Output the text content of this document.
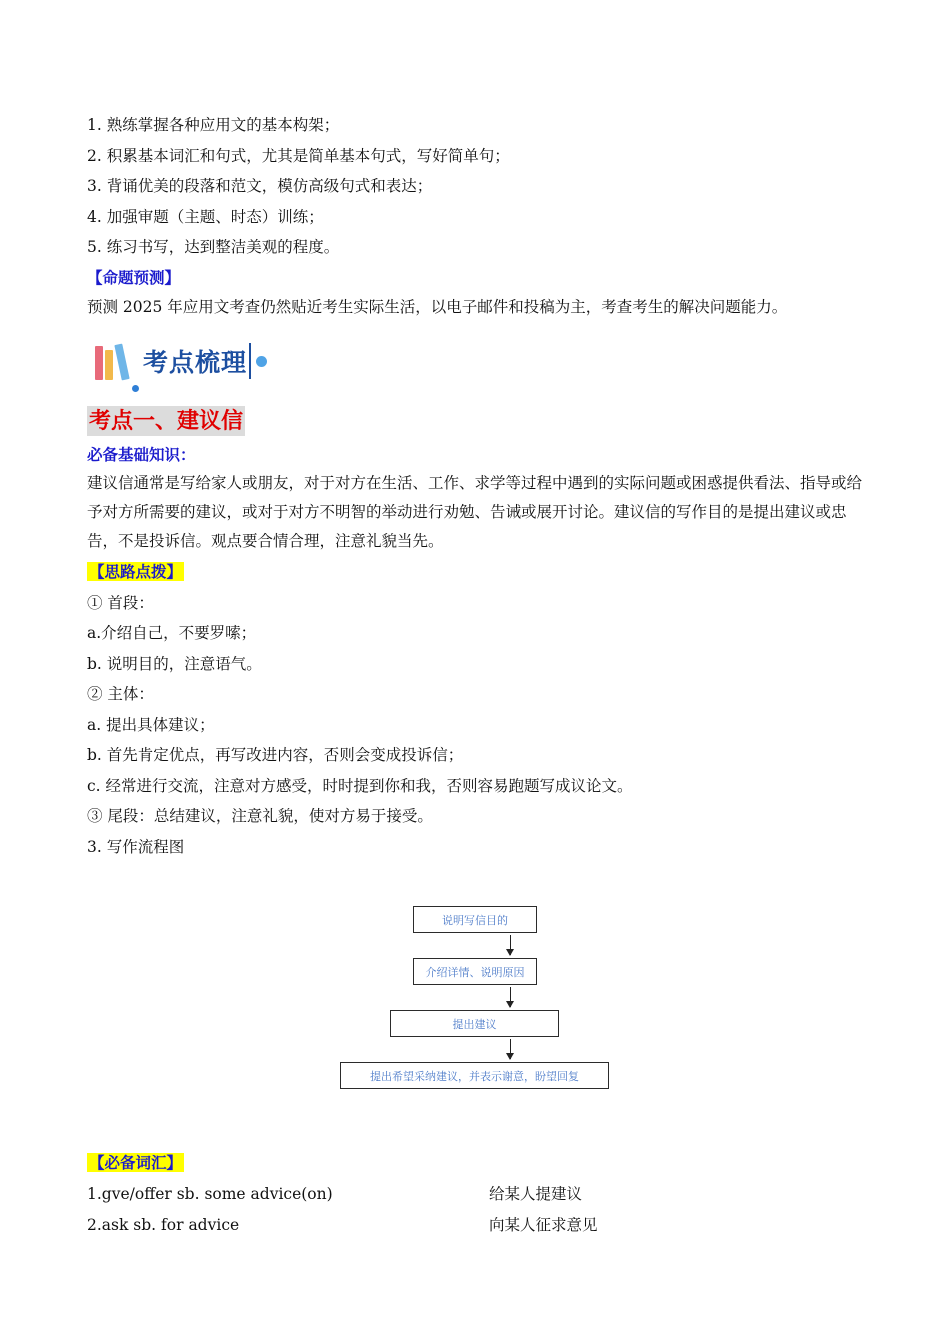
1. 熟练掌握各种应用文的基本构架；
2. 积累基本词汇和句式，尤其是简单基本句式，写好简单句；
3. 背诵优美的段落和范文，模仿高级句式和表达；
4. 加强审题（主题、时态）训练；
5. 练习书写，达到整洁美观的程度。
【命题预测】
预测 2025 年应用文考查仍然贴近考生实际生活，以电子邮件和投稿为主，考查考生的解决问题能力。
考点梳理
考点一、建议信
必备基础知识：
建议信通常是写给家人或朋友，对于对方在生活、工作、求学等过程中遇到的实际问题或困惑提供看法、指导或给予对方所需要的建议，或对于对方不明智的举动进行劝勉、告诫或展开讨论。建议信的写作目的是提出建议或忠告，不是投诉信。观点要合情合理，注意礼貌当先。
【思路点拨】
① 首段：
a.介绍自己，不要罗嗦；
b. 说明目的，注意语气。
② 主体：
a. 提出具体建议；
b. 首先肯定优点，再写改进内容，否则会变成投诉信；
c. 经常进行交流，注意对方感受，时时提到你和我，否则容易跑题写成议论文。
③ 尾段：总结建议，注意礼貌，使对方易于接受。
3. 写作流程图
说明写信目的
介绍详情、说明原因
提出建议
提出希望采纳建议，并表示谢意，盼望回复
【必备词汇】
1.gve/offer sb. some advice(on)	给某人提建议
2.ask sb. for advice	向某人征求意见
